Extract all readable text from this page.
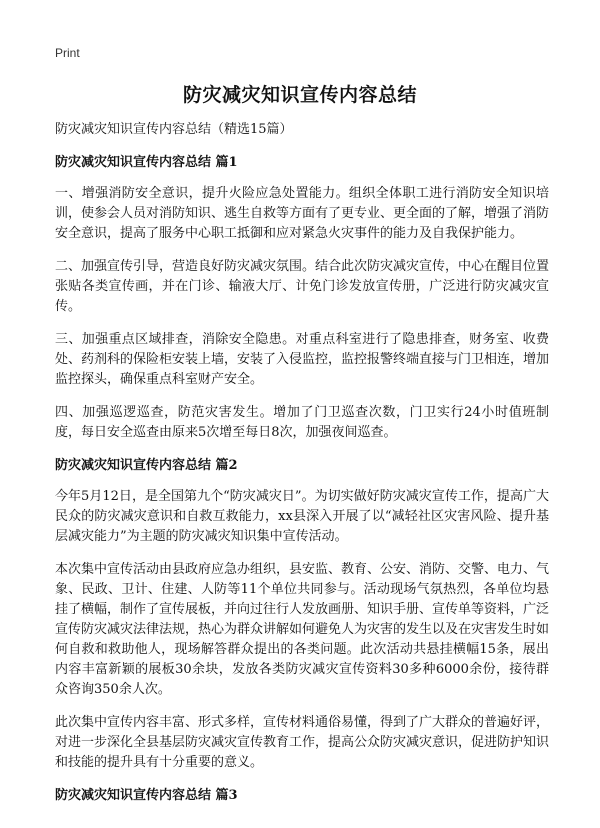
Print
防灾减灾知识宣传内容总结
防灾减灾知识宣传内容总结（精选15篇）
防灾减灾知识宣传内容总结 篇1

一、增强消防安全意识，提升火险应急处置能力。组织全体职工进行消防安全知识培训，使参会人员对消防知识、逃生自救等方面有了更专业、更全面的了解，增强了消防安全意识，提高了服务中心职工抵御和应对紧急火灾事件的能力及自我保护能力。

二、加强宣传引导，营造良好防灾减灾氛围。结合此次防灾减灾宣传，中心在醒目位置张贴各类宣传画，并在门诊、输液大厅、计免门诊发放宣传册，广泛进行防灾减灾宣传。

三、加强重点区域排查，消除安全隐患。对重点科室进行了隐患排查，财务室、收费处、药剂科的保险柜安装上墙，安装了入侵监控，监控报警终端直接与门卫相连，增加监控探头，确保重点科室财产安全。

四、加强巡逻巡查，防范灾害发生。增加了门卫巡查次数，门卫实行24小时值班制度，每日安全巡查由原来5次增至每日8次，加强夜间巡查。

防灾减灾知识宣传内容总结 篇2

今年5月12日，是全国第九个“防灾减灾日”。为切实做好防灾减灾宣传工作，提高广大民众的防灾减灾意识和自救互救能力，xx县深入开展了以“减轻社区灾害风险、提升基层减灾能力”为主题的防灾减灾知识集中宣传活动。

本次集中宣传活动由县政府应急办组织，县安监、教育、公安、消防、交警、电力、气象、民政、卫计、住建、人防等11个单位共同参与。活动现场气氛热烈，各单位均悬挂了横幅，制作了宣传展板，并向过往行人发放画册、知识手册、宣传单等资料，广泛宣传防灾减灾法律法规，热心为群众讲解如何避免人为灾害的发生以及在灾害发生时如何自救和救助他人，现场解答群众提出的各类问题。此次活动共悬挂横幅15条，展出内容丰富新颖的展板30余块，发放各类防灾减灾宣传资料30多种6000余份，接待群众咨询350余人次。

此次集中宣传内容丰富、形式多样，宣传材料通俗易懂，得到了广大群众的普遍好评，对进一步深化全县基层防灾减灾宣传教育工作，提高公众防灾减灾意识，促进防护知识和技能的提升具有十分重要的意义。

防灾减灾知识宣传内容总结 篇3
